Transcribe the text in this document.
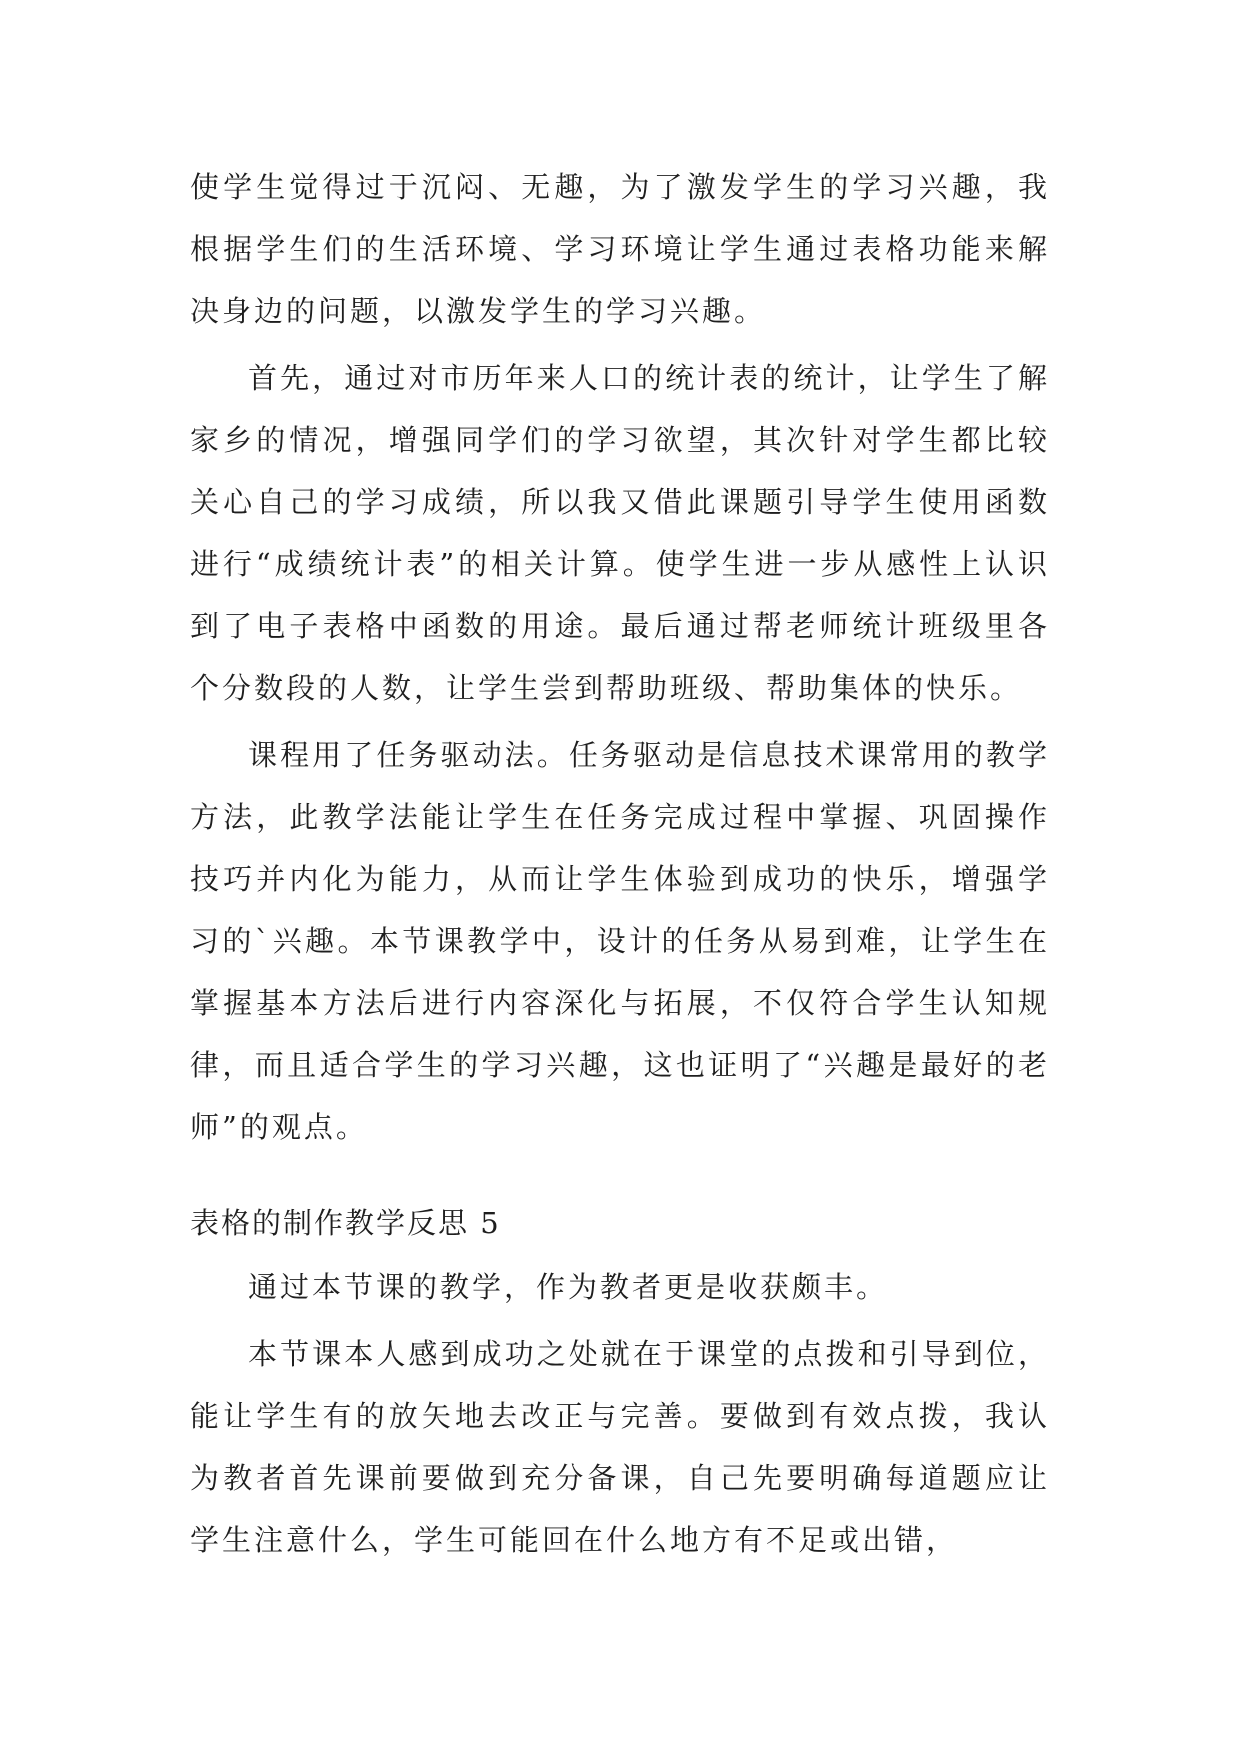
使学生觉得过于沉闷、无趣，为了激发学生的学习兴趣，我根据学生们的生活环境、学习环境让学生通过表格功能来解决身边的问题，以激发学生的学习兴趣。

首先，通过对市历年来人口的统计表的统计，让学生了解家乡的情况，增强同学们的学习欲望，其次针对学生都比较关心自己的学习成绩，所以我又借此课题引导学生使用函数进行“成绩统计表”的相关计算。使学生进一步从感性上认识到了电子表格中函数的用途。最后通过帮老师统计班级里各个分数段的人数，让学生尝到帮助班级、帮助集体的快乐。

课程用了任务驱动法。任务驱动是信息技术课常用的教学方法，此教学法能让学生在任务完成过程中掌握、巩固操作技巧并内化为能力，从而让学生体验到成功的快乐，增强学习的`兴趣。本节课教学中，设计的任务从易到难，让学生在掌握基本方法后进行内容深化与拓展，不仅符合学生认知规律，而且适合学生的学习兴趣，这也证明了“兴趣是最好的老师”的观点。

表格的制作教学反思 5

通过本节课的教学，作为教者更是收获颇丰。

本节课本人感到成功之处就在于课堂的点拨和引导到位，能让学生有的放矢地去改正与完善。要做到有效点拨，我认为教者首先课前要做到充分备课，自己先要明确每道题应让学生注意什么，学生可能回在什么地方有不足或出错，
